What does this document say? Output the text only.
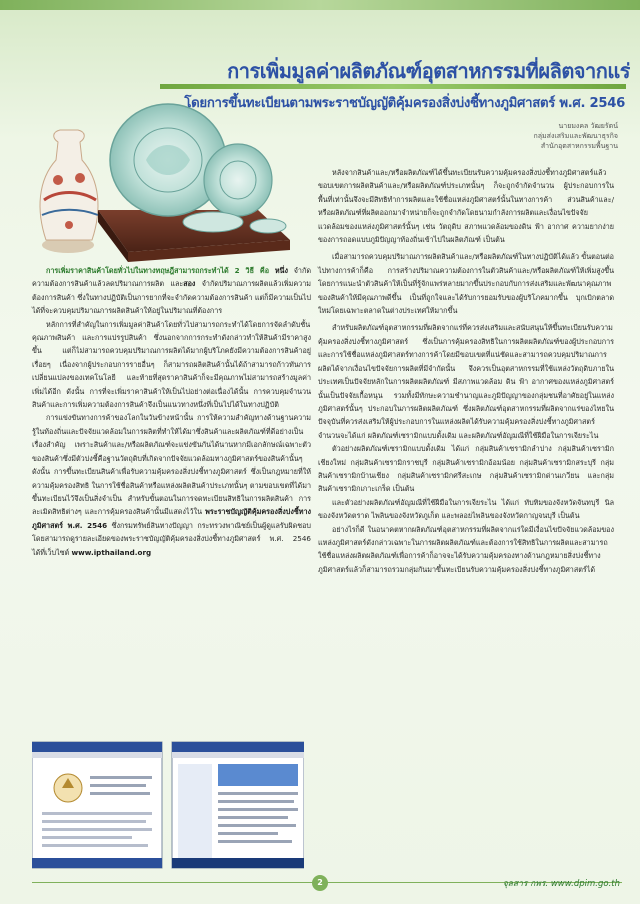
การเพิ่มมูลค่าผลิตภัณฑ์อุตสาหกรรมที่ผลิตจากแร่
โดยการขึ้นทะเบียนตามพระราชบัญญัติคุ้มครองสิ่งบ่งชี้ทางภูมิศาสตร์ พ.ศ. 2546
นายมงคล วัฒยรัตน์
กลุ่มส่งเสริมและพัฒนาธุรกิจ
สำนักอุตสาหกรรมพื้นฐาน

การเพิ่มราคาสินค้าโดยทั่วไปในทางทฤษฎีสามารถกระทำได้ 2 วิธี คือ หนึ่ง จำกัดความต้องการสินค้าแล้วลดปริมาณการผลิต และสอง จำกัดปริมาณการผลิตแล้วเพิ่มความต้องการสินค้า ซึ่งในทางปฏิบัติเป็นการยากที่จะจำกัดความต้องการสินค้า แต่ก็มีความเป็นไปได้ที่จะควบคุมปริมาณการผลิตสินค้าให้อยู่ในปริมาณที่ต้องการ

หลักการที่สำคัญในการเพิ่มมูลค่าสินค้าโดยทั่วไปสามารถกระทำได้โดยการจัดลำดับชั้นคุณภาพสินค้า และการแปรรูปสินค้า ซึ่งนอกจากการกระทำดังกล่าวทำให้สินค้ามีราคาสูงขึ้น แต่ก็ไม่สามารถควบคุมปริมาณการผลิตได้มากผู้บริโภคยังมีความต้องการสินค้าอยู่เรื่อยๆ เนื่องจากผู้ประกอบการรายอื่นๆ ก็สามารถผลิตสินค้านั้นได้ถ้าสามารถก้าวทันการเปลี่ยนแปลงของเทคโนโลยี และท้ายที่สุดราคาสินค้าก็จะมีคุณภาพไม่สามารถสร้างมูลค่าเพิ่มได้อีก ดังนั้น การที่จะเพิ่มราคาสินค้าให้เป็นไปอย่างต่อเนื่องได้นั้น การควบคุมจำนวนสินค้าและการเพิ่มความต้องการสินค้าจึงเป็นแนวทางหนึ่งที่เป็นไปได้ในทางปฏิบัติ

การแข่งขันทางการค้าของโลกในวันข้างหน้านั้น การให้ความสำคัญทางด้านฐานความรู้ในท้องถิ่นและปัจจัยแวดล้อมในการผลิตที่ทำให้ได้มาซึ่งสินค้าและผลิตภัณฑ์ที่ดีอย่างเป็นเรื่องสำคัญ เพราะสินค้าและ/หรือผลิตภัณฑ์จะแข่งขันกันได้นานหากมีเอกลักษณ์เฉพาะตัวของสินค้าซึ่งมีตัวบ่งชี้คือฐานวัตถุดิบที่เกิดจากปัจจัยแวดล้อมทางภูมิศาสตร์ของสินค้านั้นๆ ดังนั้น การขึ้นทะเบียนสินค้าเพื่อรับความคุ้มครองสิ่งบ่งชี้ทางภูมิศาสตร์ ซึ่งเป็นกฎหมายที่ให้ความคุ้มครองสิทธิ ในการใช้ชื่อสินค้าหรือแหล่งผลิตสินค้าประเภทนั้นๆ ตามขอบเขตที่ได้มาขึ้นทะเบียนไว้จึงเป็นสิ่งจำเป็น สำหรับขั้นตอนในการจดทะเบียนสิทธิในการผลิตสินค้า การละเมิดสิทธิต่างๆ และการคุ้มครองสินค้านั้นมีแสดงไว้ใน พระราชบัญญัติคุ้มครองสิ่งบ่งชี้ทางภูมิศาสตร์ พ.ศ. 2546 ซึ่งกรมทรัพย์สินทางปัญญา กระทรวงพาณิชย์เป็นผู้ดูแลรับผิดชอบ โดยสามารถดูรายละเอียดของพระราชบัญญัติคุ้มครองสิ่งบ่งชี้ทางภูมิศาสตร์ พ.ศ. 2546 ได้ที่เว็บไซต์ www.ipthailand.org

หลังจากสินค้าและ/หรือผลิตภัณฑ์ได้ขึ้นทะเบียนรับความคุ้มครองสิ่งบ่งชี้ทางภูมิศาสตร์แล้ว ขอบเขตการผลิตสินค้าและ/หรือผลิตภัณฑ์ประเภทนั้นๆ ก็จะถูกจำกัดจำนวน ผู้ประกอบการในพื้นที่เท่านั้นจึงจะมีสิทธิทำการผลิตและใช้ชื่อแหล่งภูมิศาสตร์นั้นในทางการค้า ส่วนสินค้าและ/หรือผลิตภัณฑ์ที่ผลิตออกมาจำหน่ายก็จะถูกจำกัดโดยนามกำลังการผลิตและเงื่อนไขปัจจัยแวดล้อมของแหล่งภูมิศาสตร์นั้นๆ เช่น วัตถุดิบ สภาพแวดล้อมของดิน ฟ้า อากาศ ความยากง่ายของการถอดแบบภูมิปัญญาท้องถิ่นเข้าไปในผลิตภัณฑ์ เป็นต้น

เมื่อสามารถควบคุมปริมาณการผลิตสินค้าและ/หรือผลิตภัณฑ์ในทางปฏิบัติได้แล้ว ขั้นตอนต่อไปทางการค้าก็คือ การสร้างปริมาณความต้องการในตัวสินค้าและ/หรือผลิตภัณฑ์ให้เพิ่มสูงขึ้น โดยการแนะนำตัวสินค้าให้เป็นที่รู้จักแพร่หลายมากขึ้นประกอบกับการส่งเสริมและพัฒนาคุณภาพของสินค้าให้มีคุณภาพดีขึ้น เป็นที่ถูกใจและได้รับการยอมรับของผู้บริโภคมากขึ้น บุกเบิกตลาดใหม่โดยเฉพาะตลาดในต่างประเทศให้มากขึ้น

สำหรับผลิตภัณฑ์อุตสาหกรรมที่ผลิตจากแร่ที่ควรส่งเสริมและสนับสนุนให้ขึ้นทะเบียนรับความคุ้มครองสิ่งบ่งชี้ทางภูมิศาสตร์ ซึ่งเป็นการคุ้มครองสิทธิในการผลิตผลิตภัณฑ์ของผู้ประกอบการและการใช้ชื่อแหล่งภูมิศาสตร์ทางการค้าโดยมีขอบเขตที่แน่ชัดและสามารถควบคุมปริมาณการผลิตได้จากเงื่อนไขปัจจัยการผลิตที่มีจำกัดนั้น จึงควรเป็นอุตสาหกรรมที่ใช้แหล่งวัตถุดิบภายในประเทศเป็นปัจจัยหลักในการผลิตผลิตภัณฑ์ มีสภาพแวดล้อม ดิน ฟ้า อากาศของแหล่งภูมิศาสตร์นั้นเป็นปัจจัยเกื้อหนุน รวมทั้งมีทักษะความชำนาญและภูมิปัญญาของกลุ่มชนที่อาศัยอยู่ในแหล่งภูมิศาสตร์นั้นๆ ประกอบในการผลิตผลิตภัณฑ์ ซึ่งผลิตภัณฑ์อุตสาหกรรมที่ผลิตจากแร่ของไทยในปัจจุบันที่ควรส่งเสริมให้ผู้ประกอบการในแหล่งผลิตได้รับความคุ้มครองสิ่งบ่งชี้ทางภูมิศาสตร์จำนวนจะได้แก่ ผลิตภัณฑ์เซรามิกแบบดั้งเดิม และผลิตภัณฑ์อัญมณีที่ใช้ฝีมือในการเจียระไน

ตัวอย่างผลิตภัณฑ์เซรามิกแบบดั้งเดิม ได้แก่ กลุ่มสินค้าเซรามิกลำปาง กลุ่มสินค้าเซรามิกเชียงใหม่ กลุ่มสินค้าเซรามิกราชบุรี กลุ่มสินค้าเซรามิกอ้อมน้อย กลุ่มสินค้าเซรามิกสระบุรี กลุ่มสินค้าเซรามิกบ้านเชียง กลุ่มสินค้าเซรามิกศรีสะเกษ กลุ่มสินค้าเซรามิกด่านเกวียน และกลุ่มสินค้าเซรามิกเกาะเกร็ด เป็นต้น

และตัวอย่างผลิตภัณฑ์อัญมณีที่ใช้ฝีมือในการเจียระไน ได้แก่ ทับทิมของจังหวัดจันทบุรี นิลของจังหวัดตราด ไพลินของจังหวัดภูเก็ต และพลอยไพลินของจังหวัดกาญจนบุรี เป็นต้น

อย่างไรก็ดี ในอนาคตหากผลิตภัณฑ์อุตสาหกรรมที่ผลิตจากแร่ใดมีเงื่อนไขปัจจัยแวดล้อมของแหล่งภูมิศาสตร์ดังกล่าวเฉพาะในการผลิตผลิตภัณฑ์และต้องการใช้สิทธิในการผลิตและสามารถใช้ชื่อแหล่งผลิตผลิตภัณฑ์เพื่อการค้าก็อาจจะได้รับความคุ้มครองทางด้านกฎหมายสิ่งบ่งชี้ทางภูมิศาสตร์แล้วก็สามารถรวมกลุ่มกันมาขึ้นทะเบียนรับความคุ้มครองสิ่งบ่งชี้ทางภูมิศาสตร์ได้

2	จุลสาร กพร. www.dpim.go.th
